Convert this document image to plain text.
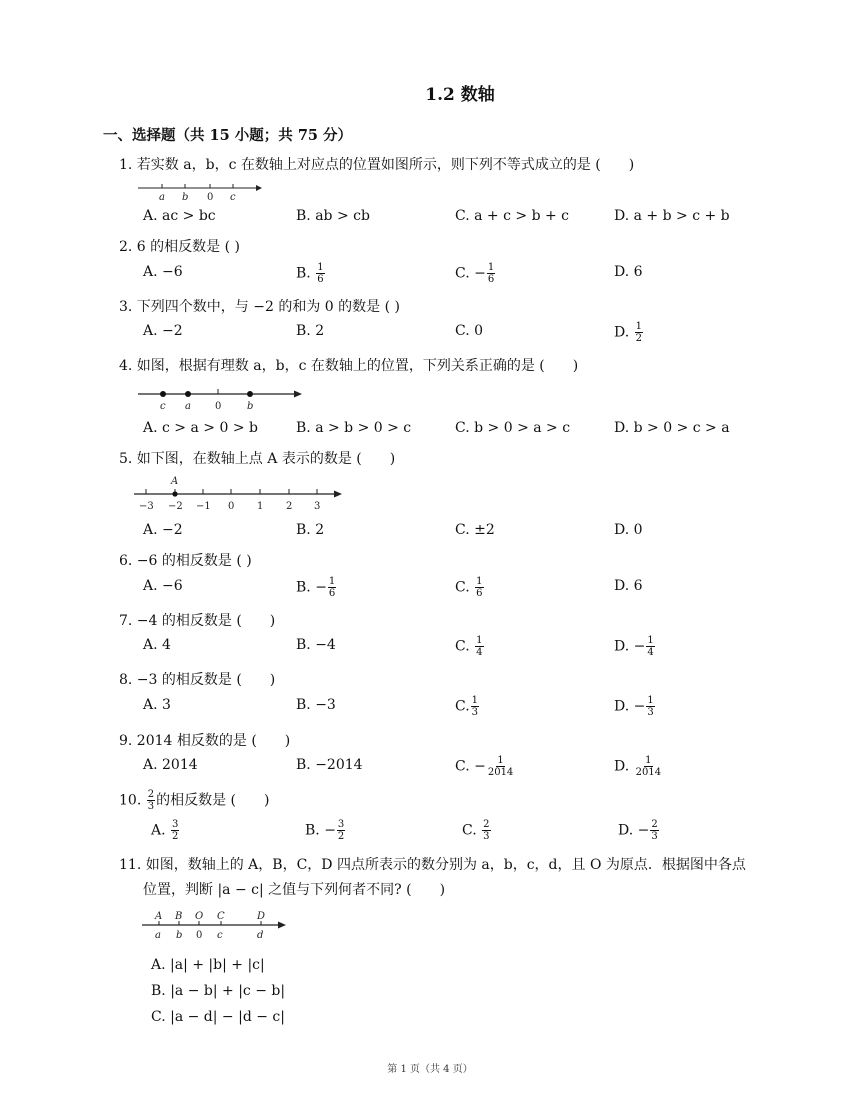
1.2 数轴
一、选择题（共 15 小题；共 75 分）
1. 若实数 a，b，c 在数轴上对应点的位置如图所示，则下列不等式成立的是 (　　)
a b 0 c
A. ac > bc	B. ab > cb	C. a + c > b + c	D. a + b > c + b
2. 6 的相反数是 ( )
A. −6	B. $\frac{1}{6}$	C. − $\frac{1}{6}$	D. 6
3. 下列四个数中，与 −2 的和为 0 的数是 ( )
A. −2	B. 2	C. 0	D. $\frac{1}{2}$
4. 如图，根据有理数 a，b，c 在数轴上的位置，下列关系正确的是 (　　)
c a 0	b
A. c > a > 0 > b	B. a > b > 0 > c	C. b > 0 > a > c	D. b > 0 > c > a
5. 如下图，在数轴上点 A 表示的数是 (　　)
A
−3 −2 −1 0 1 2 3
A. −2	B. 2	C. ±2	D. 0
6. −6 的相反数是 ( )
A. −6	B. − $\frac{1}{6}$	C. $\frac{1}{6}$	D. 6
7. −4 的相反数是 (　　)
A. 4	B. −4	C. $\frac{1}{4}$	D. − $\frac{1}{4}$
8. −3 的相反数是 (　　)
A. 3	B. −3	C. $\frac{1}{3}$	D. − $\frac{1}{3}$
9. 2014 相反数的是 (　　)
A. 2014	B. −2014	C. − $\frac{1}{2014}$	D. $\frac{1}{2014}$
10. $\frac{2}{3}$ 的相反数是 (　　)
A. $\frac{3}{2}$	B. − $\frac{3}{2}$	C. $\frac{2}{3}$	D. − $\frac{2}{3}$
11. 如图，数轴上的 A，B，C，D 四点所表示的数分别为 a，b，c，d，且 O 为原点．根据图中各点
位置，判断 |a − c| 之值与下列何者不同? (　　)
A B O C	D
a b 0 c	d
A. |a| + |b| + |c|
B. |a − b| + |c − b|
C. |a − d| − |d − c|
第 1 页（共 4 页）
